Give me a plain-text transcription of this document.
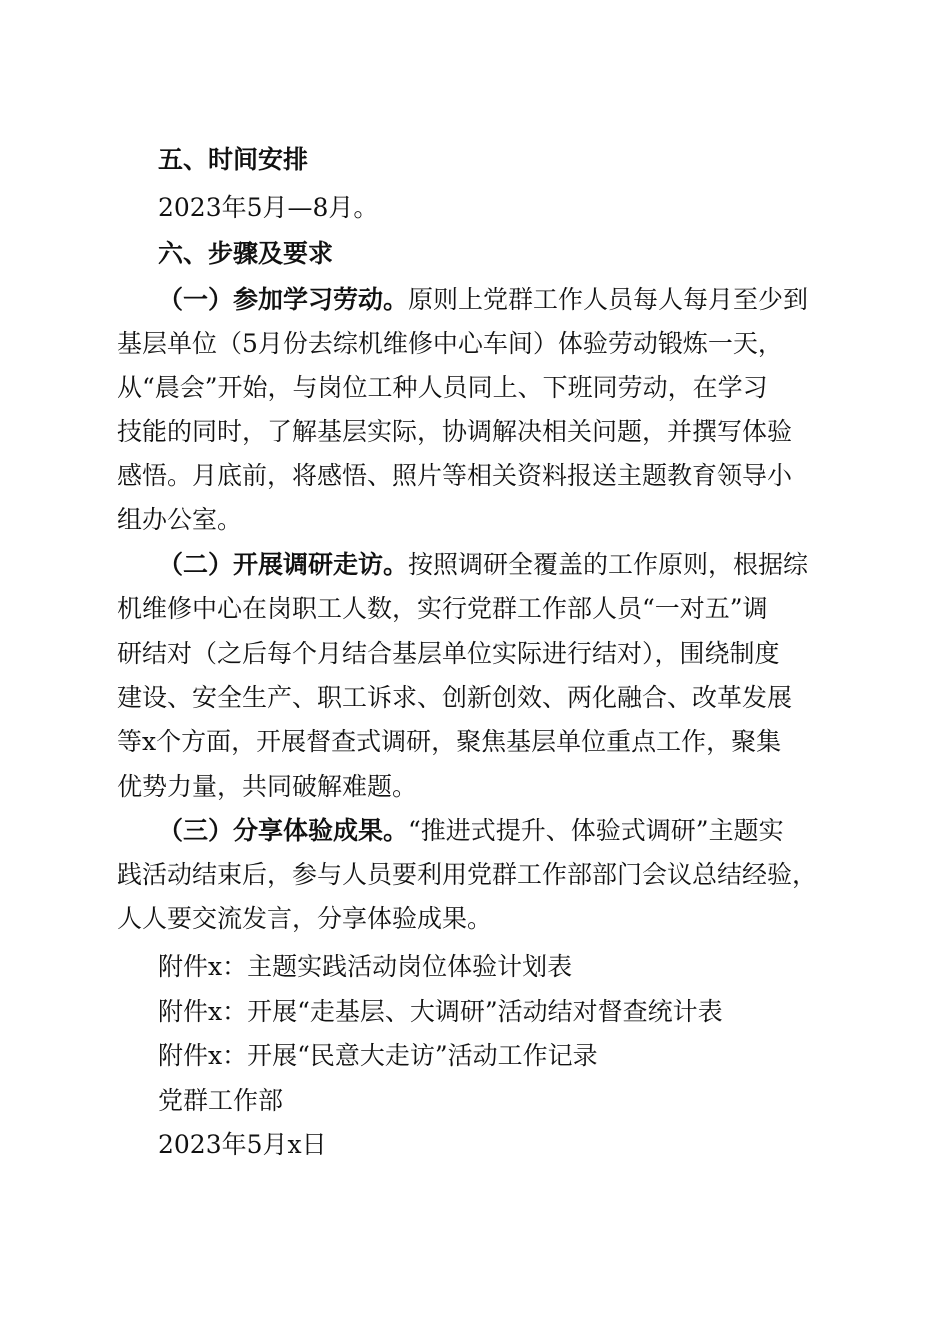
五、时间安排
2023年5月—8月。
六、步骤及要求
（一）参加学习劳动。原则上党群工作人员每人每月至少到
基层单位（5月份去综机维修中心车间）体验劳动锻炼一天，
从“晨会”开始，与岗位工种人员同上、下班同劳动，在学习
技能的同时，了解基层实际，协调解决相关问题，并撰写体验
感悟。月底前，将感悟、照片等相关资料报送主题教育领导小
组办公室。
（二）开展调研走访。按照调研全覆盖的工作原则，根据综
机维修中心在岗职工人数，实行党群工作部人员“一对五”调
研结对（之后每个月结合基层单位实际进行结对），围绕制度
建设、安全生产、职工诉求、创新创效、两化融合、改革发展
等x个方面，开展督查式调研，聚焦基层单位重点工作，聚集
优势力量，共同破解难题。
（三）分享体验成果。“推进式提升、体验式调研”主题实
践活动结束后，参与人员要利用党群工作部部门会议总结经验，
人人要交流发言，分享体验成果。
附件x：主题实践活动岗位体验计划表
附件x：开展“走基层、大调研”活动结对督查统计表
附件x：开展“民意大走访”活动工作记录
党群工作部
2023年5月x日
